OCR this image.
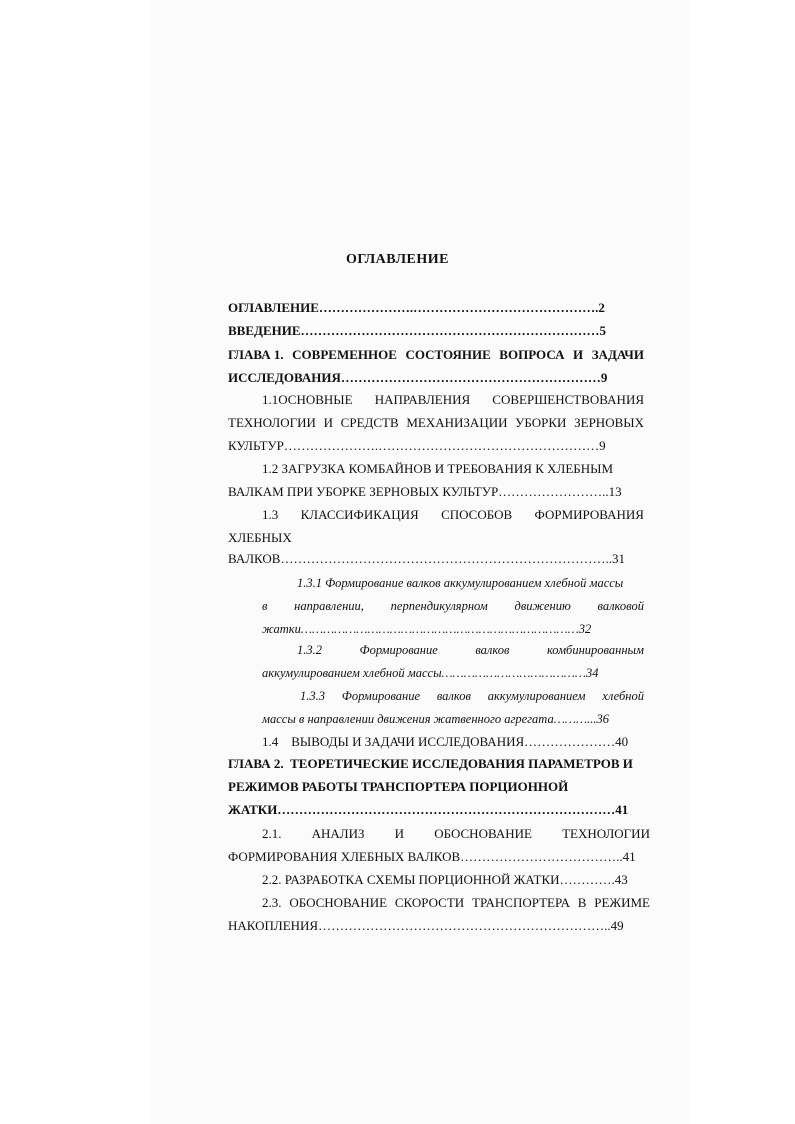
ОГЛАВЛЕНИЕ
ОГЛАВЛЕНИЕ………………….…………………………………….2
ВВЕДЕНИЕ……………………………………………………………5
ГЛАВА 1. СОВРЕМЕННОЕ СОСТОЯНИЕ ВОПРОСА И ЗАДАЧИ
ИССЛЕДОВАНИЯ……………………………………………………9
1.1ОСНОВНЫЕ НАПРАВЛЕНИЯ СОВЕРШЕНСТВОВАНИЯ
ТЕХНОЛОГИИ И СРЕДСТВ МЕХАНИЗАЦИИ УБОРКИ ЗЕРНОВЫХ
КУЛЬТУР………………….……………………………………………9
1.2 ЗАГРУЗКА КОМБАЙНОВ И ТРЕБОВАНИЯ К ХЛЕБНЫМ
ВАЛКАМ ПРИ УБОРКЕ ЗЕРНОВЫХ КУЛЬТУР……………………..13
1.3 КЛАССИФИКАЦИЯ СПОСОБОВ ФОРМИРОВАНИЯ
ХЛЕБНЫХ
ВАЛКОВ…………………………………………………………………..31
1.3.1 Формирование валков аккумулированием хлебной массы
в направлении, перпендикулярном движению валковой
жатки…………………………………………………………………32
1.3.2	Формирование	валков	комбинированным
аккумулированием хлебной массы…………………………………34
1.3.3 Формирование валков аккумулированием хлебной
массы в направлении движения жатвенного агрегата………...36
1.4    ВЫВОДЫ И ЗАДАЧИ ИССЛЕДОВАНИЯ…………………40
ГЛАВА 2.  ТЕОРЕТИЧЕСКИЕ ИССЛЕДОВАНИЯ ПАРАМЕТРОВ И
РЕЖИМОВ РАБОТЫ ТРАНСПОРТЕРА ПОРЦИОННОЙ
ЖАТКИ……………………………………………………………………41
2.1. АНАЛИЗ И ОБОСНОВАНИЕ ТЕХНОЛОГИИ
ФОРМИРОВАНИЯ ХЛЕБНЫХ ВАЛКОВ………………………………..41
2.2. РАЗРАБОТКА СХЕМЫ ПОРЦИОННОЙ ЖАТКИ………….43
2.3. ОБОСНОВАНИЕ СКОРОСТИ ТРАНСПОРТЕРА В РЕЖИМЕ
НАКОПЛЕНИЯ…………………………………………………………..49
